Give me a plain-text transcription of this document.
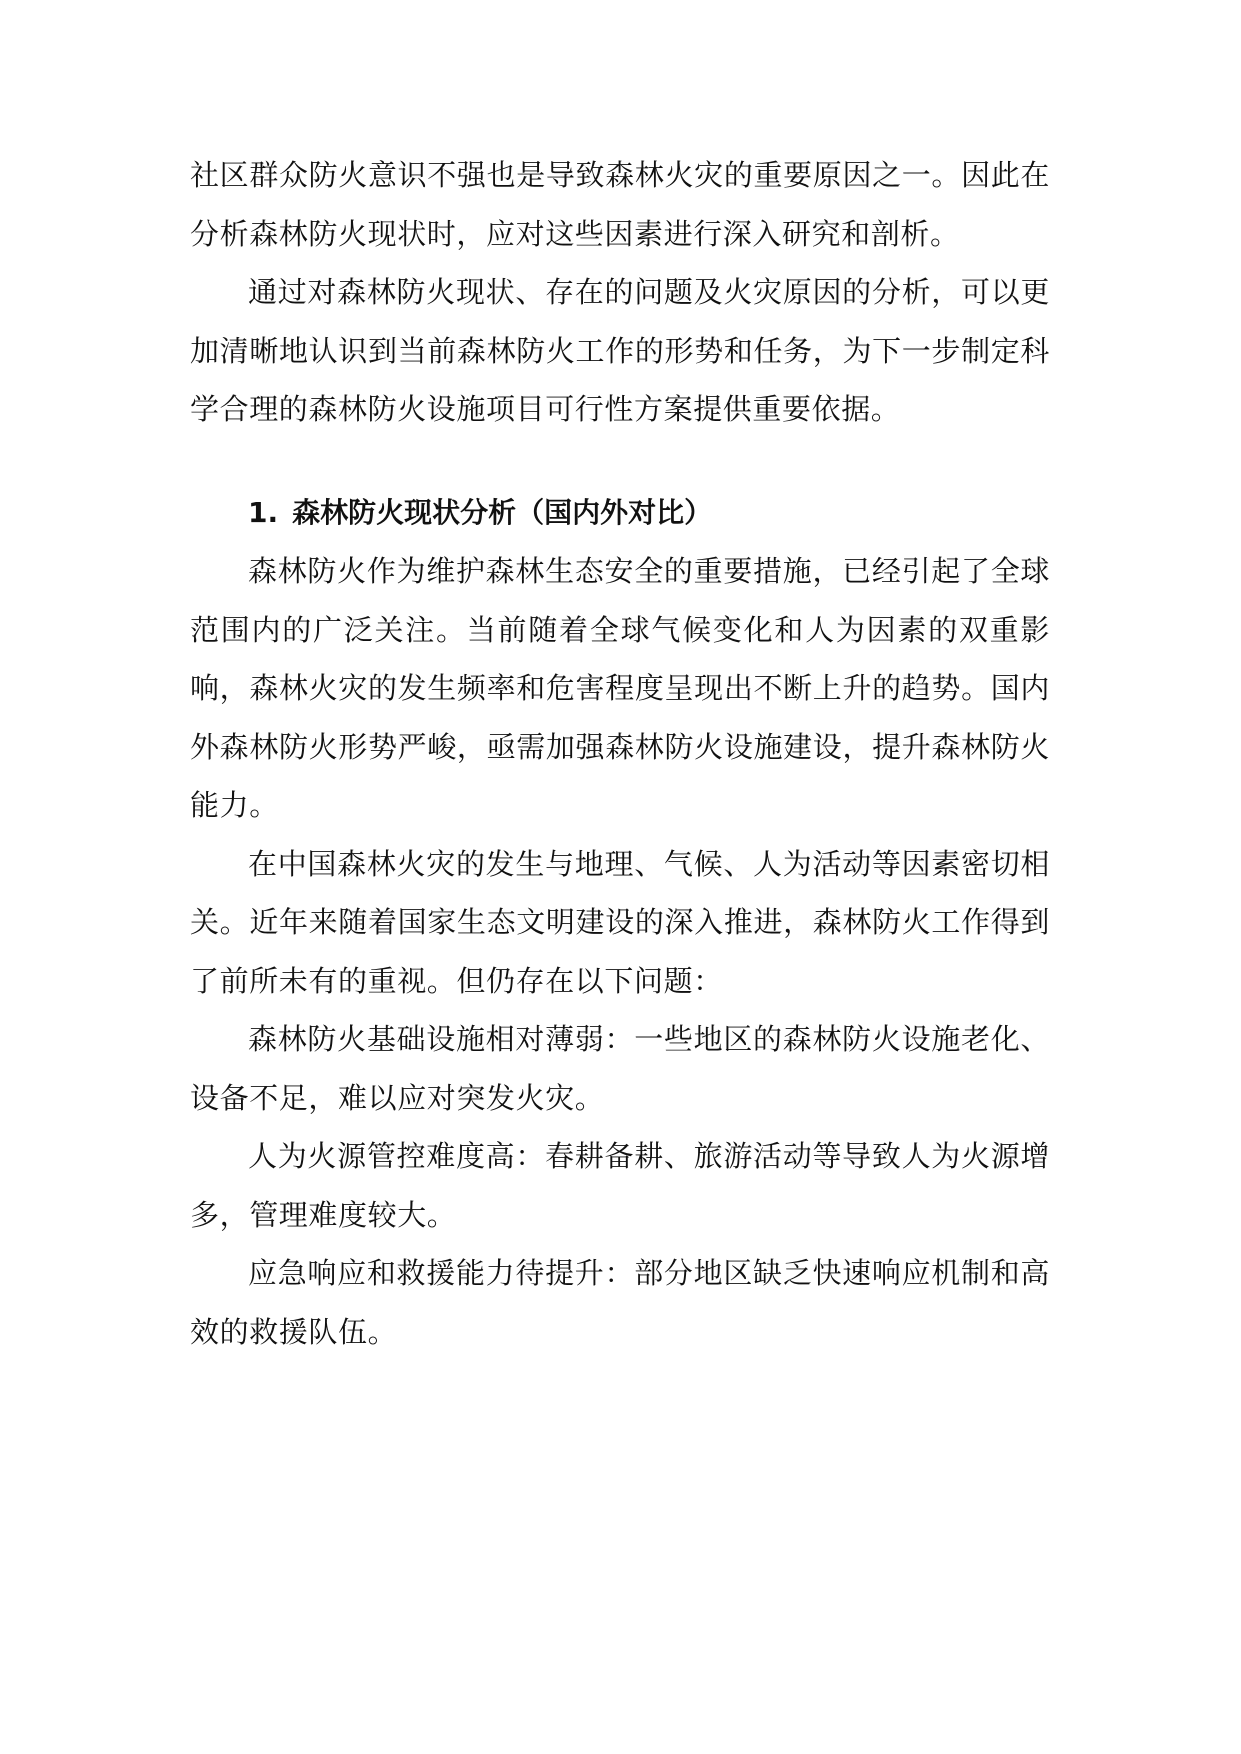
社区群众防火意识不强也是导致森林火灾的重要原因之一。因此在分析森林防火现状时，应对这些因素进行深入研究和剖析。

通过对森林防火现状、存在的问题及火灾原因的分析，可以更加清晰地认识到当前森林防火工作的形势和任务，为下一步制定科学合理的森林防火设施项目可行性方案提供重要依据。

1. 森林防火现状分析（国内外对比）

森林防火作为维护森林生态安全的重要措施，已经引起了全球范围内的广泛关注。当前随着全球气候变化和人为因素的双重影响，森林火灾的发生频率和危害程度呈现出不断上升的趋势。国内外森林防火形势严峻，亟需加强森林防火设施建设，提升森林防火能力。

在中国森林火灾的发生与地理、气候、人为活动等因素密切相关。近年来随着国家生态文明建设的深入推进，森林防火工作得到了前所未有的重视。但仍存在以下问题：

森林防火基础设施相对薄弱：一些地区的森林防火设施老化、设备不足，难以应对突发火灾。

人为火源管控难度高：春耕备耕、旅游活动等导致人为火源增多，管理难度较大。

应急响应和救援能力待提升：部分地区缺乏快速响应机制和高效的救援队伍。
